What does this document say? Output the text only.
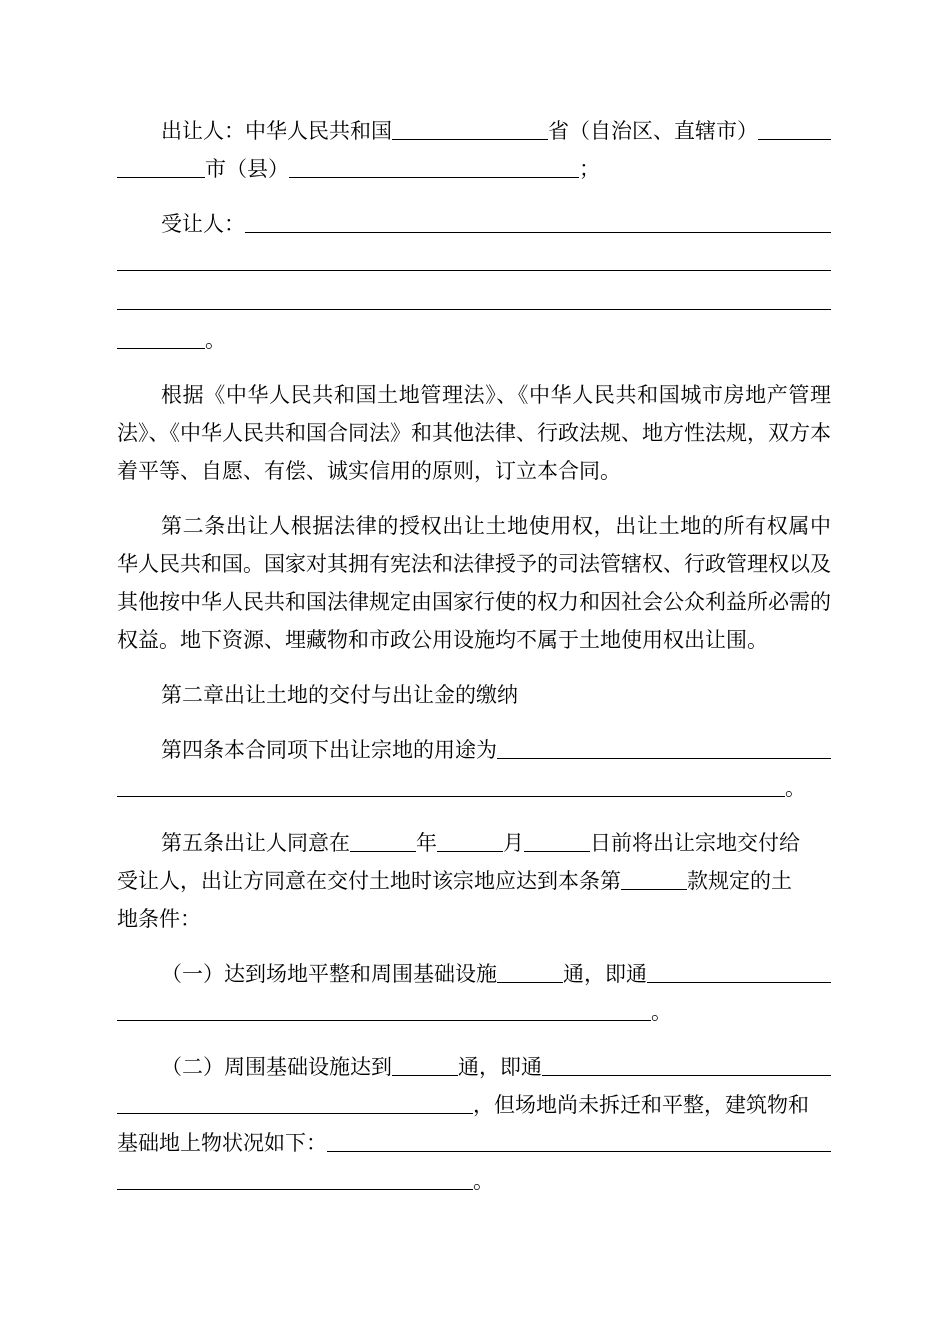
出让人：中华人民共和国	省（自治区、直辖市）
市（县）	；
受让人：
。

根据《中华人民共和国土地管理法》、《中华人民共和国城市房地产管理法》、《中华人民共和国合同法》和其他法律、行政法规、地方性法规，双方本着平等、自愿、有偿、诚实信用的原则，订立本合同。

第二条出让人根据法律的授权出让土地使用权，出让土地的所有权属中华人民共和国。国家对其拥有宪法和法律授予的司法管辖权、行政管理权以及其他按中华人民共和国法律规定由国家行使的权力和因社会公众利益所必需的权益。地下资源、埋藏物和市政公用设施均不属于土地使用权出让围。

第二章出让土地的交付与出让金的缴纳

第四条本合同项下出让宗地的用途为
。
第五条出让人同意在	年	月	日前将出让宗地交付给
受让人，出让方同意在交付土地时该宗地应达到本条第	款规定的土
地条件：
（一）达到场地平整和周围基础设施	通，即通
。
（二）周围基础设施达到	通，即通
，但场地尚未拆迁和平整，建筑物和
基础地上物状况如下：
。
